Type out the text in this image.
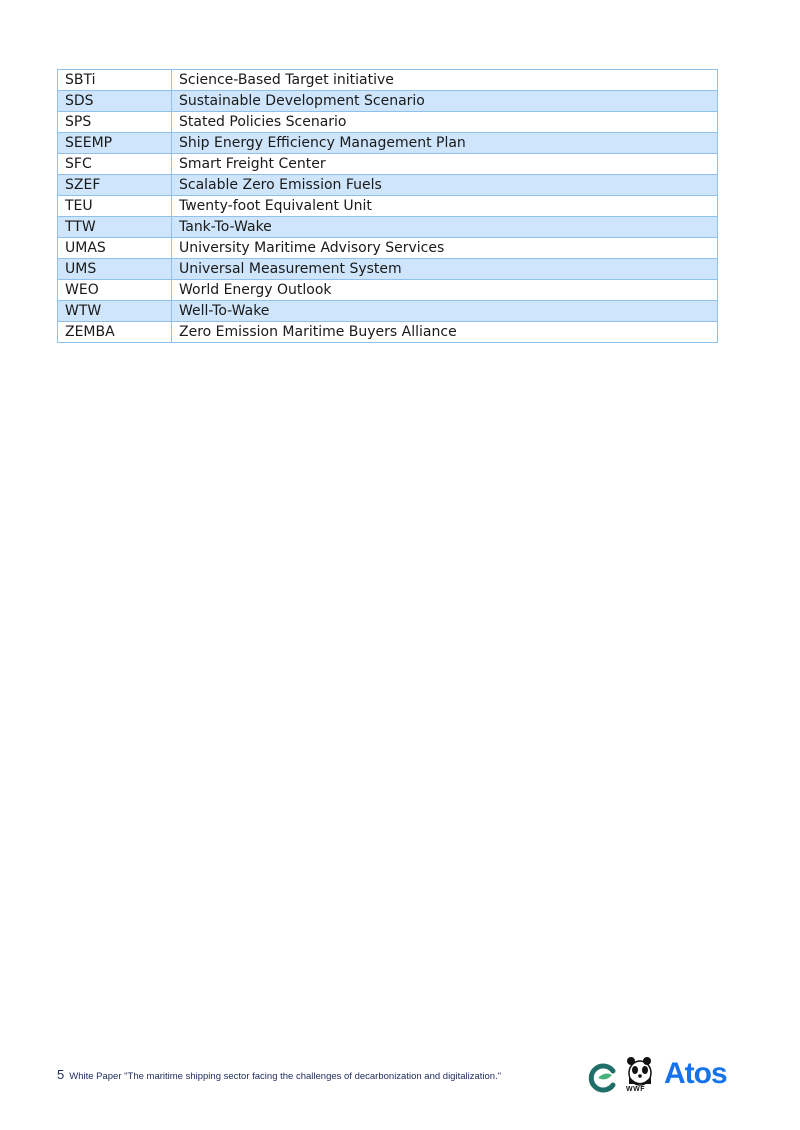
SBTi	Science-Based Target initiative
SDS	Sustainable Development Scenario
SPS	Stated Policies Scenario
SEEMP	Ship Energy Efficiency Management Plan
SFC	Smart Freight Center
SZEF	Scalable Zero Emission Fuels
TEU	Twenty-foot Equivalent Unit
TTW	Tank-To-Wake
UMAS	University Maritime Advisory Services
UMS	Universal Measurement System
WEO	World Energy Outlook
WTW	Well-To-Wake
ZEMBA	Zero Emission Maritime Buyers Alliance
5 White Paper "The maritime shipping sector facing the challenges of decarbonization and digitalization."
WWF Atos
